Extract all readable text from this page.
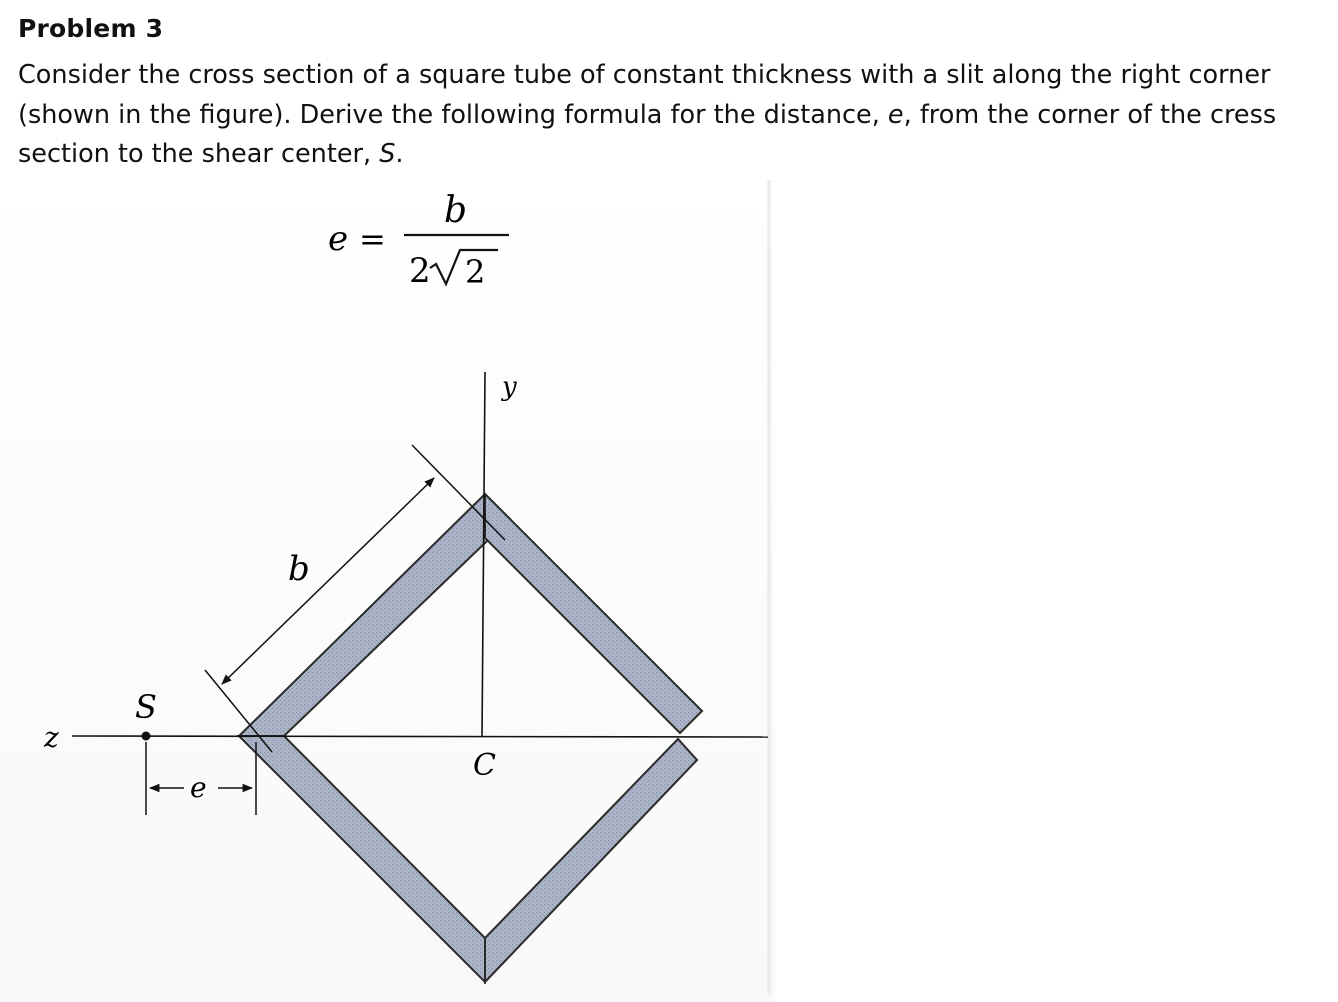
Problem 3
Consider the cross section of a square tube of constant thickness with a slit along the right corner
(shown in the figure). Derive the following formula for the distance, e, from the corner of the cress
section to the shear center, S.
e =
b
2 2
y
z
b
S
C
e
